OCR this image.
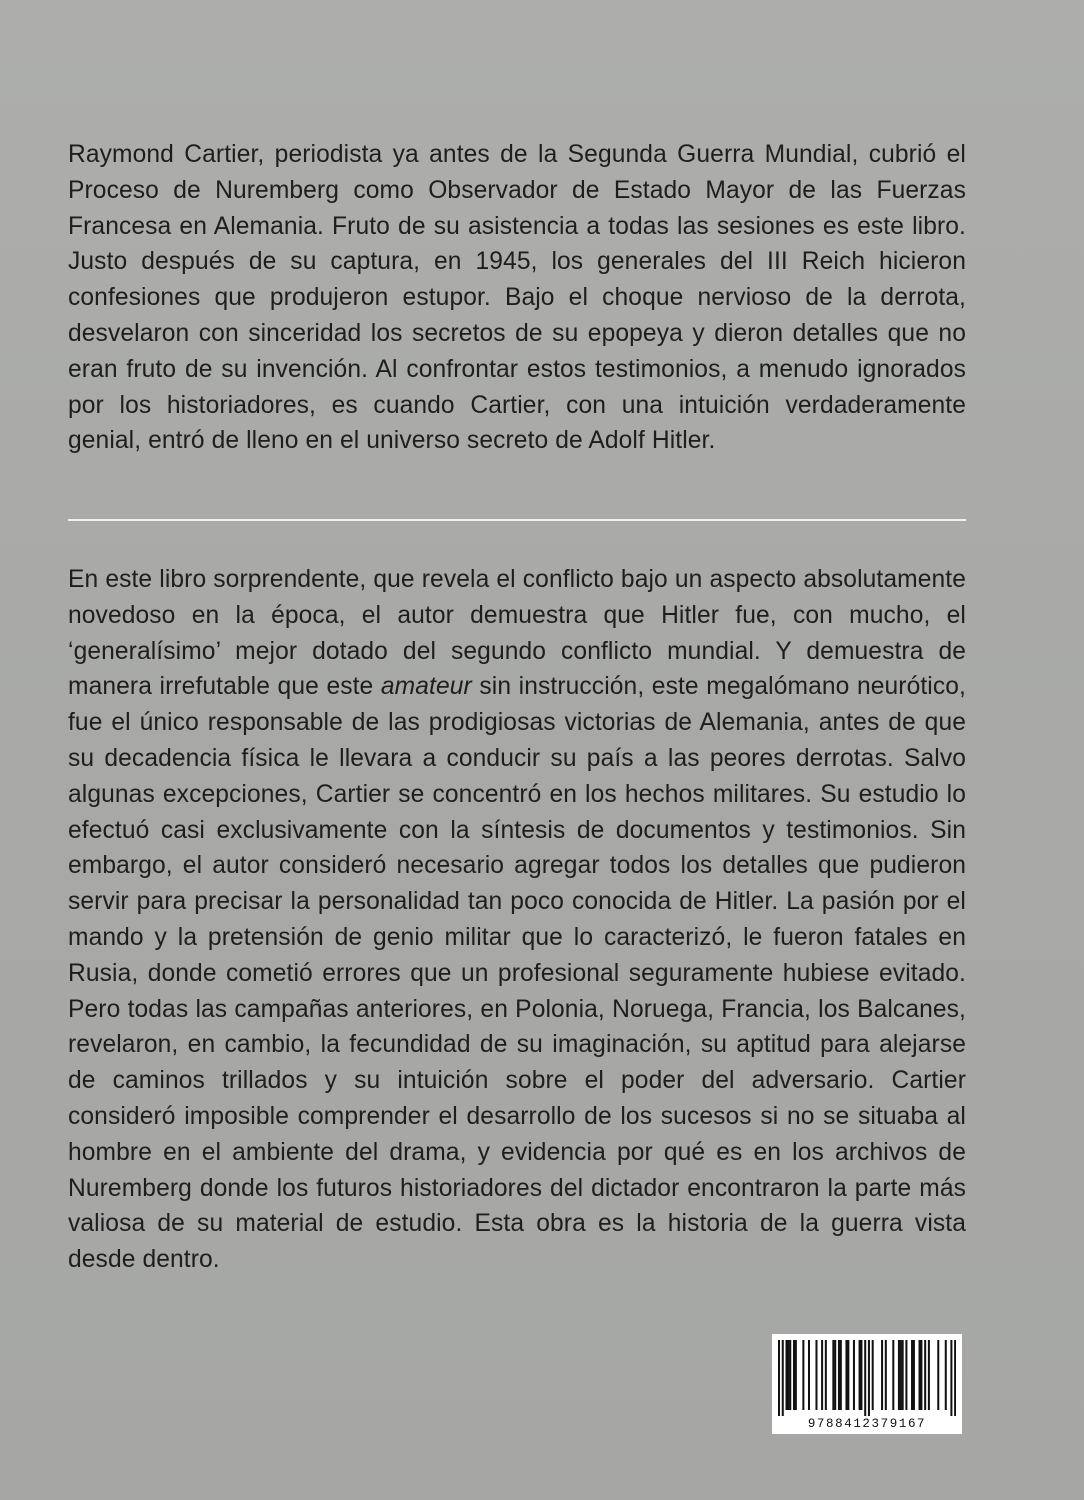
Raymond Cartier, periodista ya antes de la Segunda Guerra Mundial, cubrió el Proceso de Nuremberg como Observador de Estado Mayor de las Fuerzas Francesa en Alemania. Fruto de su asistencia a todas las sesiones es este libro. Justo después de su captura, en 1945, los generales del III Reich hicieron confesiones que produjeron estupor. Bajo el choque nervioso de la derrota, desvelaron con sinceridad los secretos de su epopeya y dieron detalles que no eran fruto de su invención. Al confrontar estos testimonios, a menudo ignorados por los historiadores, es cuando Cartier, con una intuición verdaderamente genial, entró de lleno en el universo secreto de Adolf Hitler.

En este libro sorprendente, que revela el conflicto bajo un aspecto absolutamente novedoso en la época, el autor demuestra que Hitler fue, con mucho, el ‘generalísimo’ mejor dotado del segundo conflicto mundial. Y demuestra de manera irrefutable que este amateur sin instrucción, este megalómano neurótico, fue el único responsable de las prodigiosas victorias de Alemania, antes de que su decadencia física le llevara a conducir su país a las peores derrotas. Salvo algunas excepciones, Cartier se concentró en los hechos militares. Su estudio lo efectuó casi exclusivamente con la síntesis de documentos y testimonios. Sin embargo, el autor consideró necesario agregar todos los detalles que pudieron servir para precisar la personalidad tan poco conocida de Hitler. La pasión por el mando y la pretensión de genio militar que lo caracterizó, le fueron fatales en Rusia, donde cometió errores que un profesional seguramente hubiese evitado. Pero todas las campañas anteriores, en Polonia, Noruega, Francia, los Balcanes, revelaron, en cambio, la fecundidad de su imaginación, su aptitud para alejarse de caminos trillados y su intuición sobre el poder del adversario. Cartier consideró imposible comprender el desarrollo de los sucesos si no se situaba al hombre en el ambiente del drama, y evidencia por qué es en los archivos de Nuremberg donde los futuros historiadores del dictador encontraron la parte más valiosa de su material de estudio. Esta obra es la historia de la guerra vista desde dentro.

9788412379167
